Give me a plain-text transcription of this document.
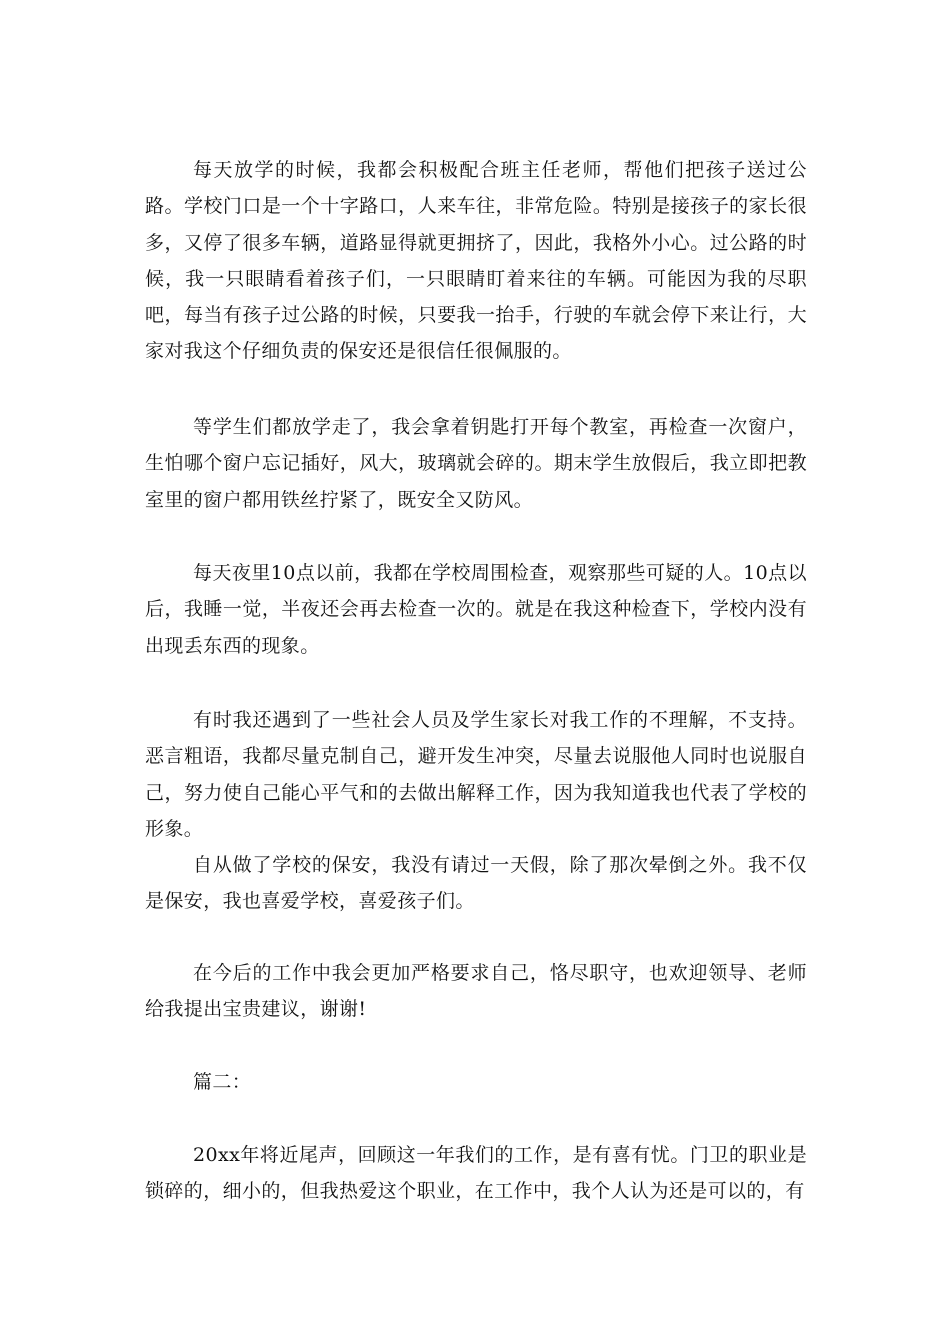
每天放学的时候，我都会积极配合班主任老师，帮他们把孩子送过公路。学校门口是一个十字路口，人来车往，非常危险。特别是接孩子的家长很多，又停了很多车辆，道路显得就更拥挤了，因此，我格外小心。过公路的时候，我一只眼睛看着孩子们，一只眼睛盯着来往的车辆。可能因为我的尽职吧，每当有孩子过公路的时候，只要我一抬手，行驶的车就会停下来让行，大家对我这个仔细负责的保安还是很信任很佩服的。

等学生们都放学走了，我会拿着钥匙打开每个教室，再检查一次窗户，生怕哪个窗户忘记插好，风大，玻璃就会碎的。期末学生放假后，我立即把教室里的窗户都用铁丝拧紧了，既安全又防风。

每天夜里10点以前，我都在学校周围检查，观察那些可疑的人。10点以后，我睡一觉，半夜还会再去检查一次的。就是在我这种检查下，学校内没有出现丢东西的现象。

有时我还遇到了一些社会人员及学生家长对我工作的不理解，不支持。恶言粗语，我都尽量克制自己，避开发生冲突，尽量去说服他人同时也说服自己，努力使自己能心平气和的去做出解释工作，因为我知道我也代表了学校的形象。

自从做了学校的保安，我没有请过一天假，除了那次晕倒之外。我不仅是保安，我也喜爱学校，喜爱孩子们。

在今后的工作中我会更加严格要求自己，恪尽职守，也欢迎领导、老师给我提出宝贵建议，谢谢!

篇二：

20xx年将近尾声，回顾这一年我们的工作，是有喜有忧。门卫的职业是锁碎的，细小的，但我热爱这个职业，在工作中，我个人认为还是可以的，有
